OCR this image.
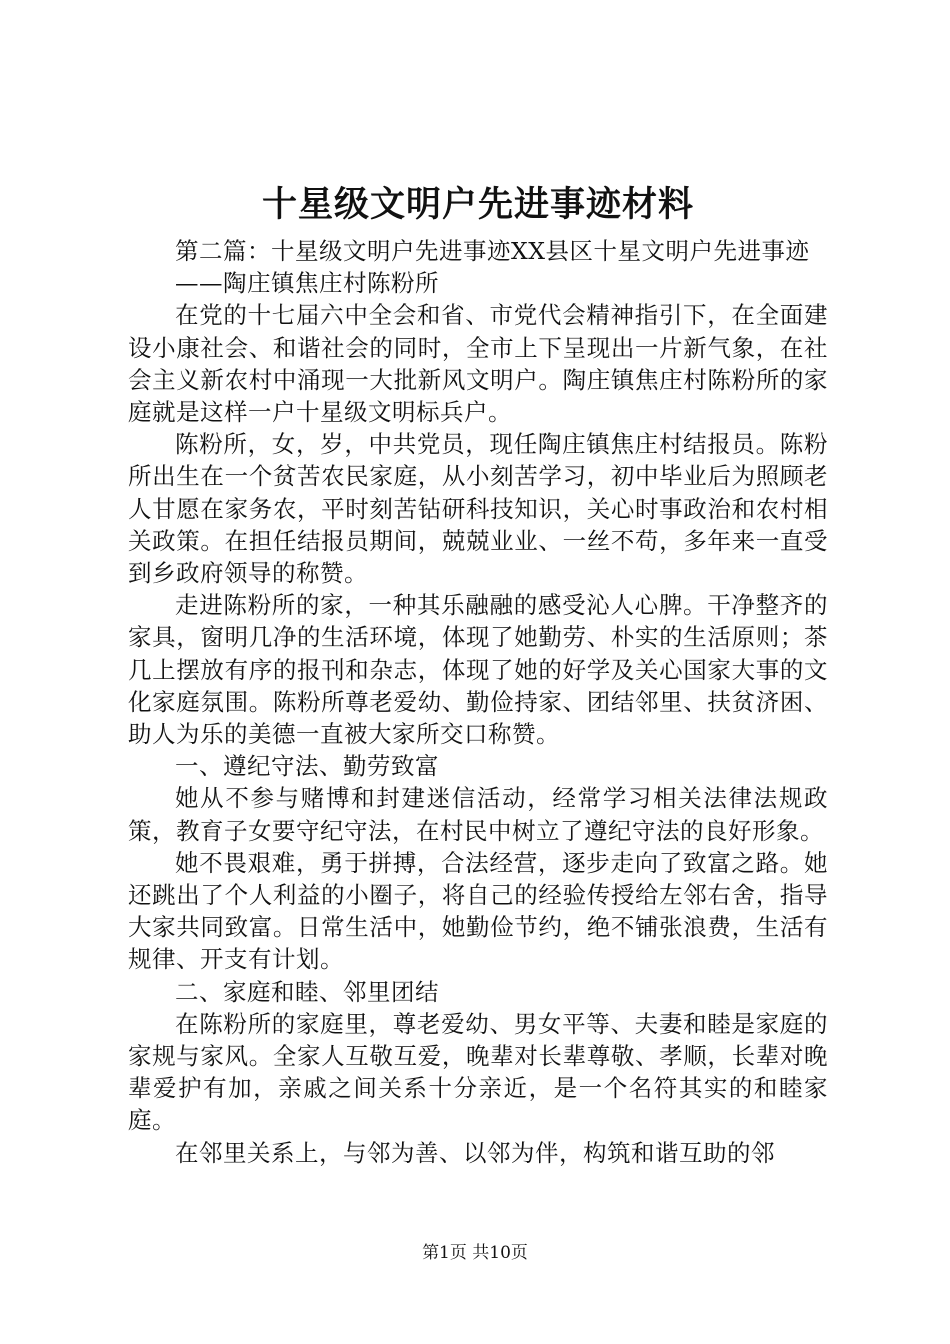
十星级文明户先进事迹材料

第二篇：十星级文明户先进事迹XX县区十星文明户先进事迹

——陶庄镇焦庄村陈粉所

在党的十七届六中全会和省、市党代会精神指引下，在全面建设小康社会、和谐社会的同时，全市上下呈现出一片新气象，在社会主义新农村中涌现一大批新风文明户。陶庄镇焦庄村陈粉所的家庭就是这样一户十星级文明标兵户。

陈粉所，女，岁，中共党员，现任陶庄镇焦庄村结报员。陈粉所出生在一个贫苦农民家庭，从小刻苦学习，初中毕业后为照顾老人甘愿在家务农，平时刻苦钻研科技知识，关心时事政治和农村相关政策。在担任结报员期间，兢兢业业、一丝不苟，多年来一直受到乡政府领导的称赞。

走进陈粉所的家，一种其乐融融的感受沁人心脾。干净整齐的家具，窗明几净的生活环境，体现了她勤劳、朴实的生活原则；茶几上摆放有序的报刊和杂志，体现了她的好学及关心国家大事的文化家庭氛围。陈粉所尊老爱幼、勤俭持家、团结邻里、扶贫济困、助人为乐的美德一直被大家所交口称赞。

一、遵纪守法、勤劳致富

她从不参与赌博和封建迷信活动，经常学习相关法律法规政策，教育子女要守纪守法，在村民中树立了遵纪守法的良好形象。

她不畏艰难，勇于拼搏，合法经营，逐步走向了致富之路。她还跳出了个人利益的小圈子，将自己的经验传授给左邻右舍，指导大家共同致富。日常生活中，她勤俭节约，绝不铺张浪费，生活有规律、开支有计划。

二、家庭和睦、邻里团结

在陈粉所的家庭里，尊老爱幼、男女平等、夫妻和睦是家庭的家规与家风。全家人互敬互爱，晚辈对长辈尊敬、孝顺，长辈对晚辈爱护有加，亲戚之间关系十分亲近，是一个名符其实的和睦家庭。

在邻里关系上，与邻为善、以邻为伴，构筑和谐互助的邻

第1页 共10页
